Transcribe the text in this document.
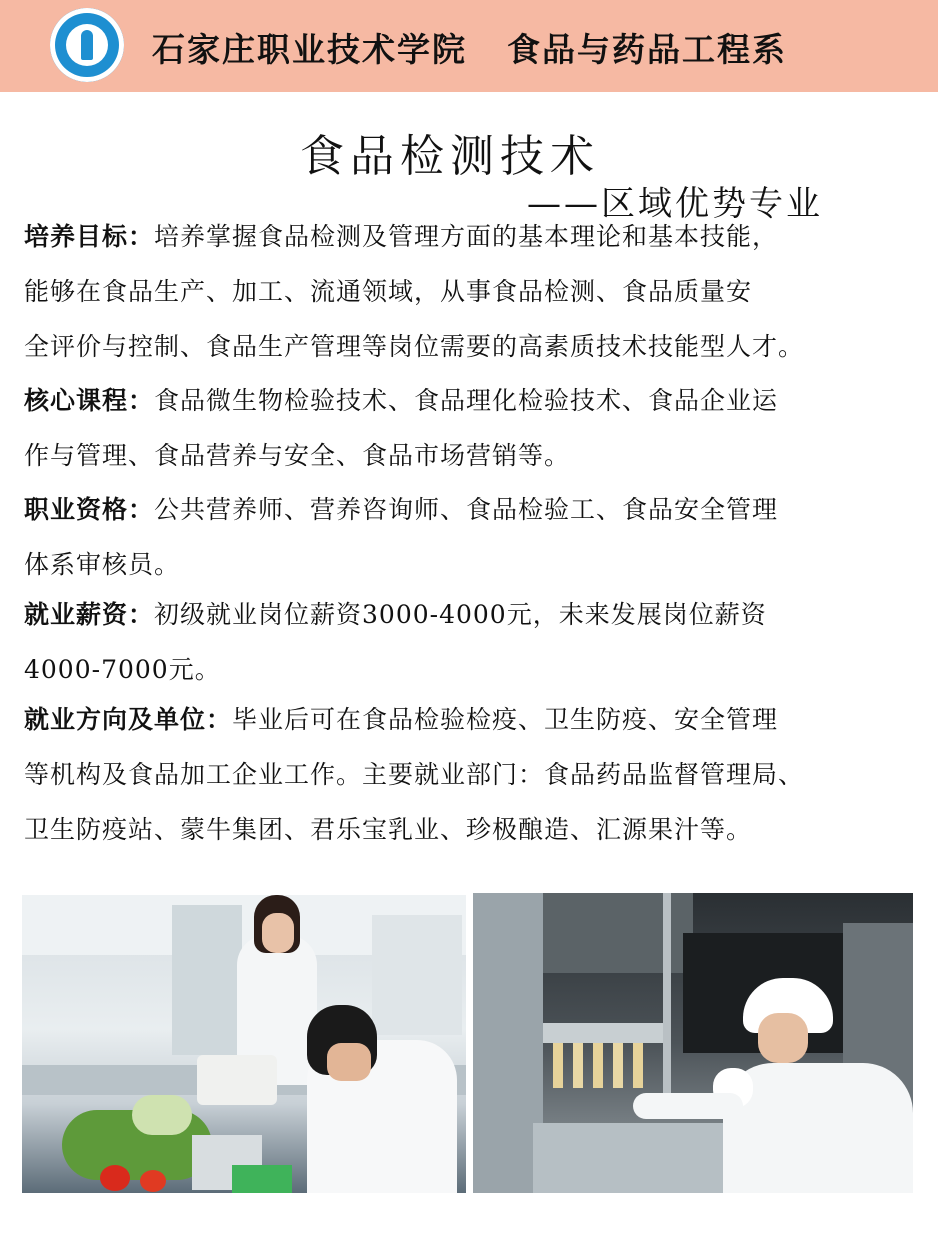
石家庄职业技术学院 食品与药品工程系
食品检测技术
——区域优势专业
培养目标：培养掌握食品检测及管理方面的基本理论和基本技能，
能够在食品生产、加工、流通领域，从事食品检测、食品质量安
全评价与控制、食品生产管理等岗位需要的高素质技术技能型人才。
核心课程：食品微生物检验技术、食品理化检验技术、食品企业运
作与管理、食品营养与安全、食品市场营销等。
职业资格：公共营养师、营养咨询师、食品检验工、食品安全管理
体系审核员。
就业薪资：初级就业岗位薪资3000-4000元，未来发展岗位薪资
4000-7000元。
就业方向及单位：毕业后可在食品检验检疫、卫生防疫、安全管理
等机构及食品加工企业工作。主要就业部门：食品药品监督管理局、
卫生防疫站、蒙牛集团、君乐宝乳业、珍极酿造、汇源果汁等。
